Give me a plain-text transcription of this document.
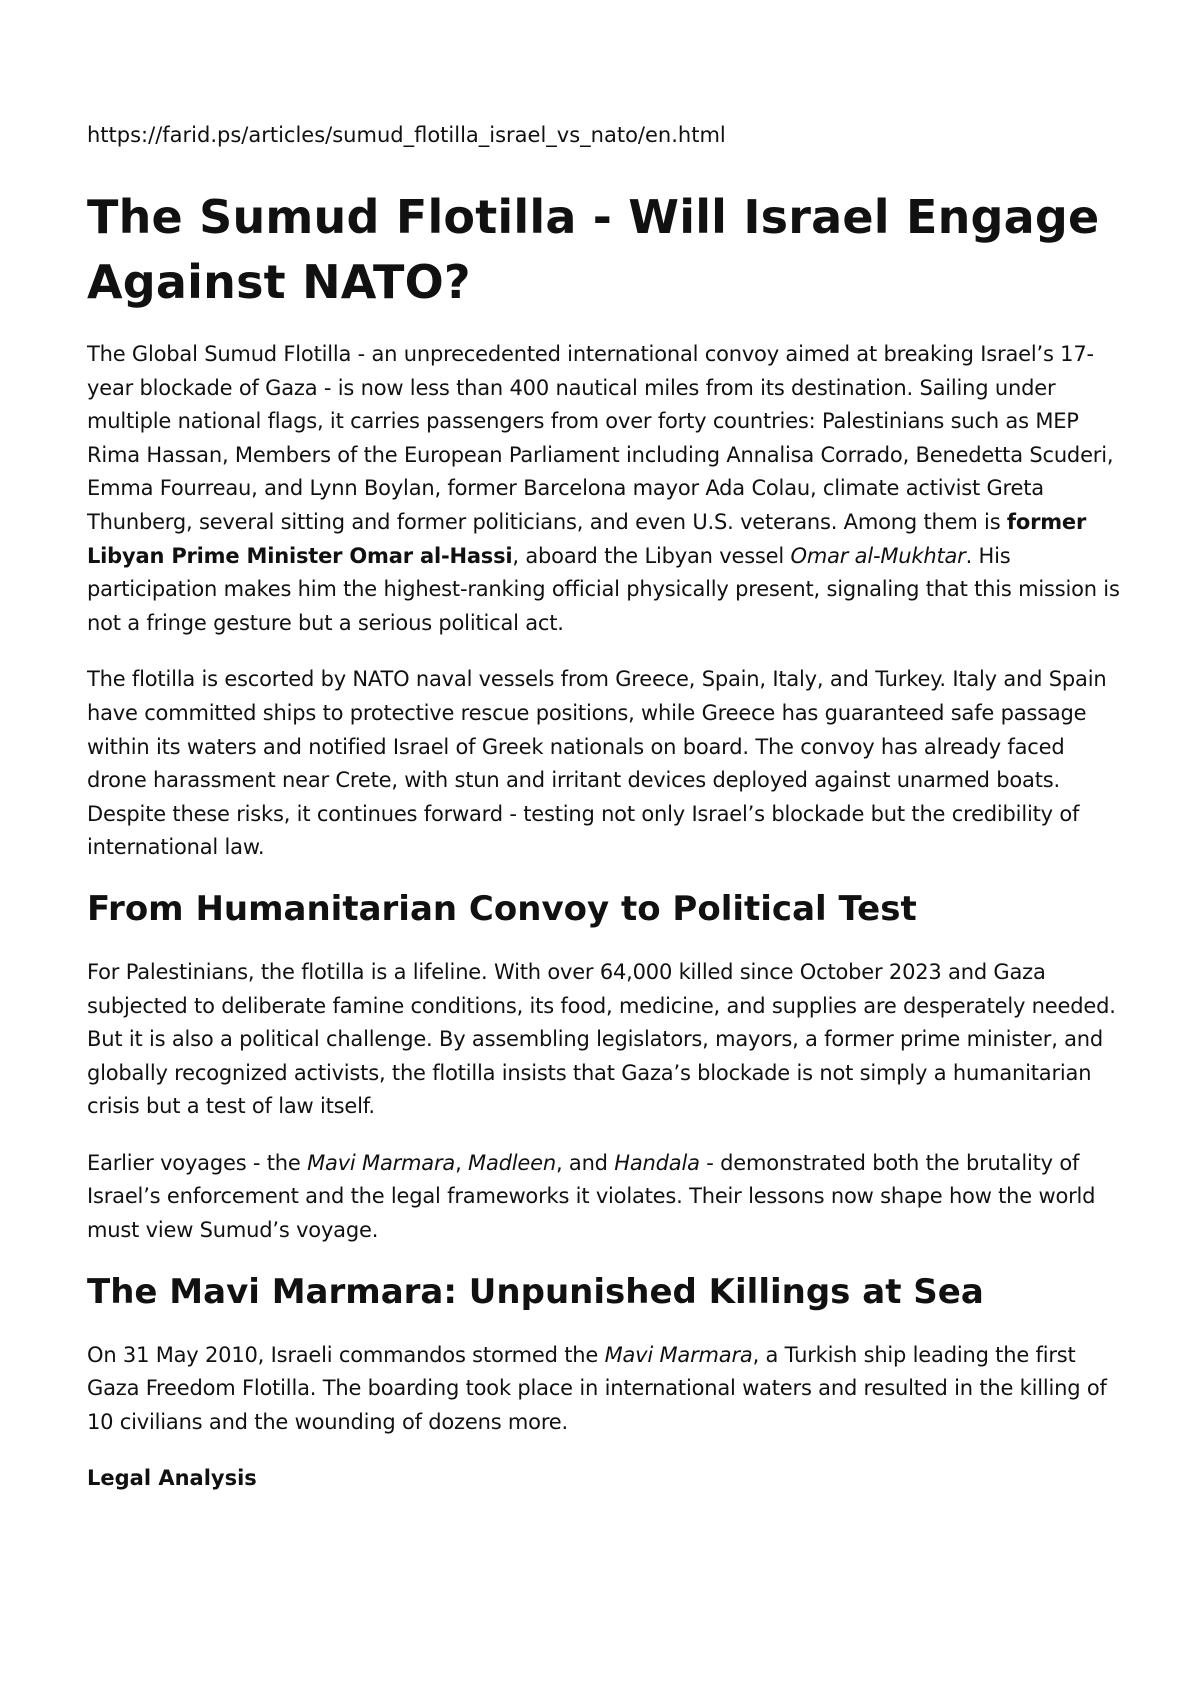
https://farid.ps/articles/sumud_flotilla_israel_vs_nato/en.html
The Sumud Flotilla - Will Israel Engage
Against NATO?

The Global Sumud Flotilla - an unprecedented international convoy aimed at breaking Israel’s 17-year blockade of Gaza - is now less than 400 nautical miles from its destination. Sailing under multiple national flags, it carries passengers from over forty countries: Palestinians such as MEP Rima Hassan, Members of the European Parliament including Annalisa Corrado, Benedetta Scuderi, Emma Fourreau, and Lynn Boylan, former Barcelona mayor Ada Colau, climate activist Greta Thunberg, several sitting and former politicians, and even U.S. veterans. Among them is former Libyan Prime Minister Omar al-Hassi, aboard the Libyan vessel Omar al-Mukhtar. His participation makes him the highest-ranking official physically present, signaling that this mission is not a fringe gesture but a serious political act.

The flotilla is escorted by NATO naval vessels from Greece, Spain, Italy, and Turkey. Italy and Spain have committed ships to protective rescue positions, while Greece has guaranteed safe passage within its waters and notified Israel of Greek nationals on board. The convoy has already faced drone harassment near Crete, with stun and irritant devices deployed against unarmed boats. Despite these risks, it continues forward - testing not only Israel’s blockade but the credibility of international law.

From Humanitarian Convoy to Political Test

For Palestinians, the flotilla is a lifeline. With over 64,000 killed since October 2023 and Gaza subjected to deliberate famine conditions, its food, medicine, and supplies are desperately needed. But it is also a political challenge. By assembling legislators, mayors, a former prime minister, and globally recognized activists, the flotilla insists that Gaza’s blockade is not simply a humanitarian crisis but a test of law itself.

Earlier voyages - the Mavi Marmara, Madleen, and Handala - demonstrated both the brutality of Israel’s enforcement and the legal frameworks it violates. Their lessons now shape how the world must view Sumud’s voyage.

The Mavi Marmara: Unpunished Killings at Sea

On 31 May 2010, Israeli commandos stormed the Mavi Marmara, a Turkish ship leading the first Gaza Freedom Flotilla. The boarding took place in international waters and resulted in the killing of 10 civilians and the wounding of dozens more.

Legal Analysis
